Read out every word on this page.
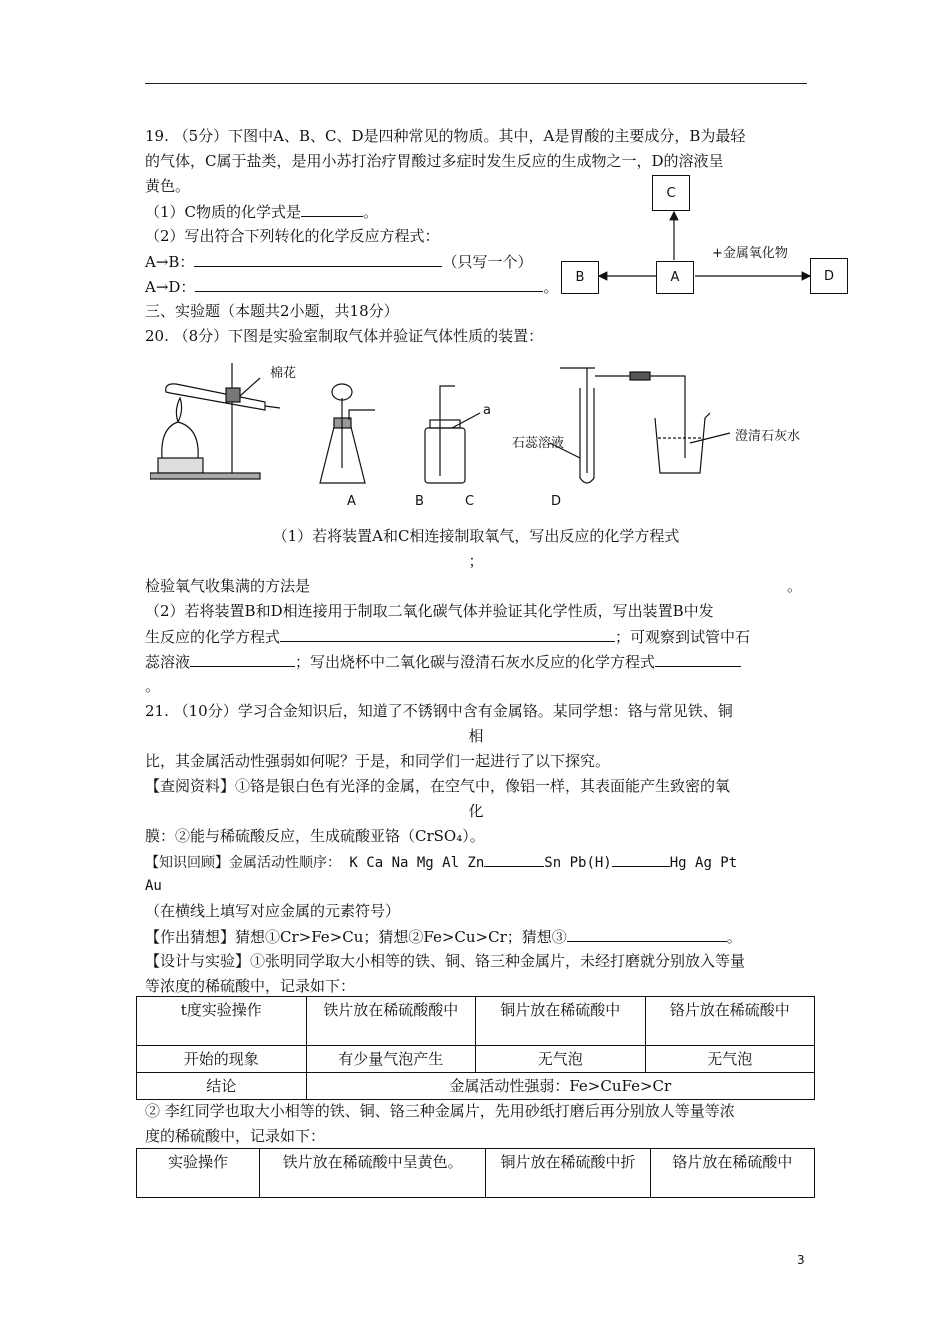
19. （5分）下图中A、B、C、D是四种常见的物质。其中，A是胃酸的主要成分，B为最轻
的气体，C属于盐类，是用小苏打治疗胃酸过多症时发生反应的生成物之一，D的溶液呈
黄色。
（1）C物质的化学式是	。
（2）写出符合下列转化的化学反应方程式：
A→B：	（只写一个）
A→D：	。
C
A
B	D
+金属氧化物
三、实验题（本题共2小题，共18分）
20. （8分）下图是实验室制取气体并验证气体性质的装置：
棉花
a
石蕊溶液	澄清石灰水
A	B	C	D
（1）若将装置A和C相连接制取氧气，写出反应的化学方程式
；
检验氧气收集满的方法是	。
（2）若将装置B和D相连接用于制取二氧化碳气体并验证其化学性质，写出装置B中发
生反应的化学方程式	；可观察到试管中石
蕊溶液	；写出烧杯中二氧化碳与澄清石灰水反应的化学方程式
。
21. （10分）学习合金知识后，知道了不锈钢中含有金属铬。某同学想：铬与常见铁、铜
相
比，其金属活动性强弱如何呢？于是，和同学们一起进行了以下探究。
【查阅资料】①铬是银白色有光泽的金属，在空气中，像铝一样，其表面能产生致密的氧
化
膜：②能与稀硫酸反应，生成硫酸亚铬（CrSO₄）。
【知识回顾】金属活动性顺序： K Ca Na Mg Al Zn	Sn Pb(H)	Hg Ag Pt
Au
（在横线上填写对应金属的元素符号）
【作出猜想】猜想①Cr>Fe>Cu；猜想②Fe>Cu>Cr；猜想③	。
【设计与实验】①张明同学取大小相等的铁、铜、铬三种金属片，未经打磨就分别放入等量
等浓度的稀硫酸中，记录如下：
t度实验操作	铁片放在稀硫酸酸中	铜片放在稀硫酸中	铬片放在稀硫酸中
开始的现象	有少量气泡产生	无气泡	无气泡
结论	金属活动性强弱：Fe>CuFe>Cr		
② 李红同学也取大小相等的铁、铜、铬三种金属片，先用砂纸打磨后再分别放人等量等浓
度的稀硫酸中，记录如下：
实验操作	铁片放在稀硫酸中呈黄色。	铜片放在稀硫酸中折	铬片放在稀硫酸中
3
